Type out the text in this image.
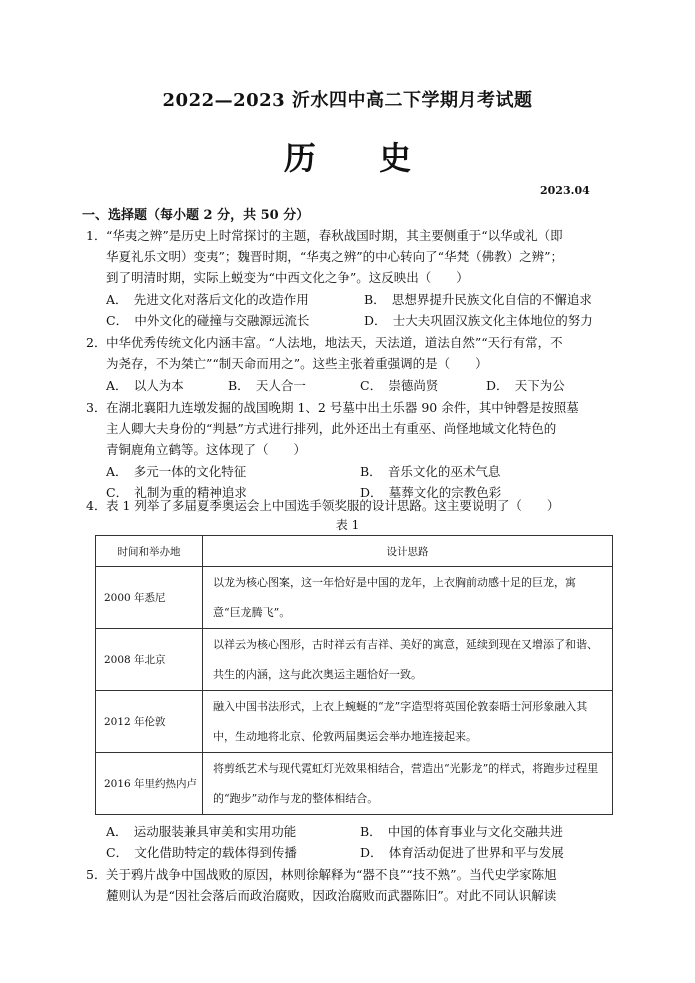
2022—2023 沂水四中高二下学期月考试题
历 史
2023.04
一、选择题（每小题 2 分，共 50 分）
1． “华夷之辨”是历史上时常探讨的主题，春秋战国时期，其主要侧重于“以华或礼（即
华夏礼乐文明）变夷”；魏晋时期，“华夷之辨”的中心转向了“华梵（佛教）之辨”；
到了明清时期，实际上蜕变为“中西文化之争”。这反映出（　　）
A．　先进文化对落后文化的改造作用	B．　思想界提升民族文化自信的不懈追求
C．　中外文化的碰撞与交融源远流长	D．　士大夫巩固汉族文化主体地位的努力
2． 中华优秀传统文化内涵丰富。“人法地，地法天，天法道，道法自然”“天行有常，不
为尧存，不为桀亡”“制天命而用之”。这些主张着重强调的是（　　）
A．　以人为本	B．　天人合一	C．　崇德尚贤	D．　天下为公
3． 在湖北襄阳九连墩发掘的战国晚期 1、2 号墓中出土乐器 90 余件，其中钟磬是按照墓
主人卿大夫身份的“判悬”方式进行排列，此外还出土有重巫、尚怪地域文化特色的
青铜鹿角立鹤等。这体现了（　　）
A．　多元一体的文化特征	B．　音乐文化的巫术气息
C．　礼制为重的精神追求	D．　墓葬文化的宗教色彩
4． 表 1 列举了多届夏季奥运会上中国选手领奖服的设计思路。这主要说明了（　　）
表 1
时间和举办地	设计思路
2000 年悉尼	以龙为核心图案，这一年恰好是中国的龙年，上衣胸前动感十足的巨龙，寓意“巨龙腾飞”。
2008 年北京	以祥云为核心图形，古时祥云有吉祥、美好的寓意，延续到现在又增添了和谐、共生的内涵，这与此次奥运主题恰好一致。
2012 年伦敦	融入中国书法形式，上衣上蜿蜒的“龙”字造型将英国伦敦泰晤士河形象融入其中，生动地将北京、伦敦两届奥运会举办地连接起来。
2016 年里约热内卢	将剪纸艺术与现代霓虹灯光效果相结合，营造出“光影龙”的样式，将跑步过程里的“跑步”动作与龙的整体相结合。
A．　运动服装兼具审美和实用功能	B．　中国的体育事业与文化交融共进
C．　文化借助特定的载体得到传播	D．　体育活动促进了世界和平与发展
5． 关于鸦片战争中国战败的原因，林则徐解释为“器不良”“技不熟”。当代史学家陈旭
麓则认为是“因社会落后而政治腐败，因政治腐败而武器陈旧”。对此不同认识解读
